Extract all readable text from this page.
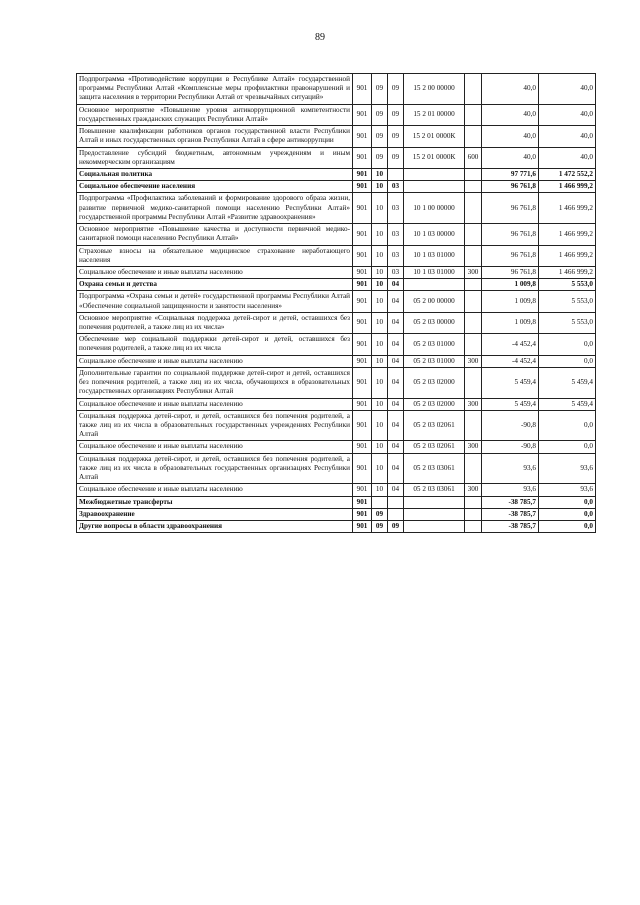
89
Подпрограмма «Противодействие коррупции в Республике Алтай» государственной программы Республики Алтай «Комплексные меры профилактики правонарушений и защита населения в территории Республики Алтай от чрезвычайных ситуаций»	901	09	09	15 2 00 00000		40,0	40,0
Основное мероприятие «Повышение уровня антикоррупционной компетентности государственных гражданских служащих Республики Алтай»	901	09	09	15 2 01 00000		40,0	40,0
Повышение квалификации работников органов государственной власти Республики Алтай и иных государственных органов Республики Алтай в сфере антикоррупции	901	09	09	15 2 01 0000К		40,0	40,0
Предоставление субсидий бюджетным, автономным учреждениям и иным некоммерческим организациям	901	09	09	15 2 01 0000К	600	40,0	40,0
Социальная политика	901	10				97 771,6	1 472 552,2
Социальное обеспечение населения	901	10	03			96 761,8	1 466 999,2
Подпрограмма «Профилактика заболеваний и формирование здорового образа жизни, развитие первичной медико-санитарной помощи населению Республики Алтай» государственной программы Республики Алтай «Развитие здравоохранения»	901	10	03	10 1 00 00000		96 761,8	1 466 999,2
Основное мероприятие «Повышение качества и доступности первичной медико-санитарной помощи населению Республики Алтай»	901	10	03	10 1 03 00000		96 761,8	1 466 999,2
Страховые взносы на обязательное медицинское страхование неработающего населения	901	10	03	10 1 03 01000		96 761,8	1 466 999,2
Социальное обеспечение и иные выплаты населению	901	10	03	10 1 03 01000	300	96 761,8	1 466 999,2
Охрана семьи и детства	901	10	04			1 009,8	5 553,0
Подпрограмма «Охрана семьи и детей» государственной программы Республики Алтай «Обеспечение социальной защищенности и занятости населения»	901	10	04	05 2 00 00000		1 009,8	5 553,0
Основное мероприятие «Социальная поддержка детей-сирот и детей, оставшихся без попечения родителей, а также лиц из их числа»	901	10	04	05 2 03 00000		1 009,8	5 553,0
Обеспечение мер социальной поддержки детей-сирот и детей, оставшихся без попечения родителей, а также лиц из их числа	901	10	04	05 2 03 01000		-4 452,4	0,0
Социальное обеспечение и иные выплаты населению	901	10	04	05 2 03 01000	300	-4 452,4	0,0
Дополнительные гарантии по социальной поддержке детей-сирот и детей, оставшихся без попечения родителей, а также лиц из их числа, обучающихся в образовательных государственных организациях Республики Алтай	901	10	04	05 2 03 02000		5 459,4	5 459,4
Социальное обеспечение и иные выплаты населению	901	10	04	05 2 03 02000	300	5 459,4	5 459,4
Социальная поддержка детей-сирот, и детей, оставшихся без попечения родителей, а также лиц из их числа в образовательных государственных учреждениях Республики Алтай	901	10	04	05 2 03 02061		-90,8	0,0
Социальное обеспечение и иные выплаты населению	901	10	04	05 2 03 02061	300	-90,8	0,0
Социальная поддержка детей-сирот, и детей, оставшихся без попечения родителей, а также лиц из их числа в образовательных государственных организациях Республики Алтай	901	10	04	05 2 03 03061		93,6	93,6
Социальное обеспечение и иные выплаты населению	901	10	04	05 2 03 03061	300	93,6	93,6
Межбюджетные трансферты	901					-38 785,7	0,0
Здравоохранение	901	09				-38 785,7	0,0
Другие вопросы в области здравоохранения	901	09	09			-38 785,7	0,0
